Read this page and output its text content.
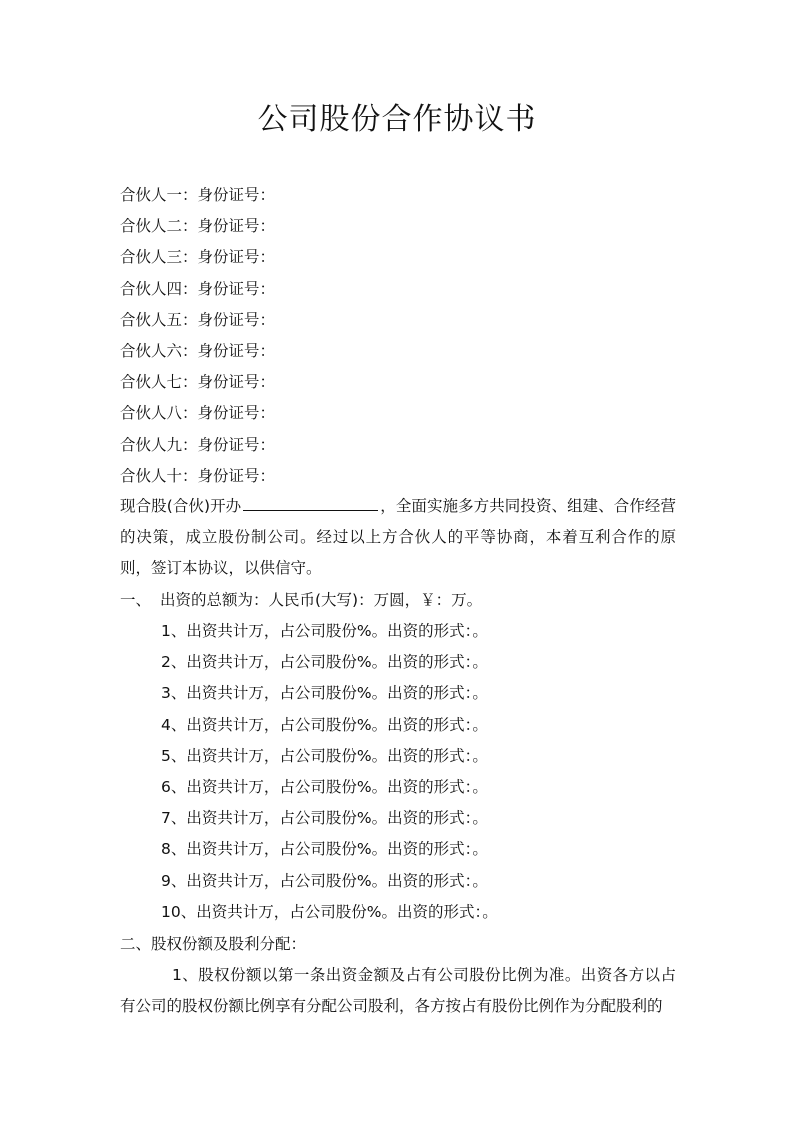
公司股份合作协议书
合伙人一：身份证号：
合伙人二：身份证号：
合伙人三：身份证号：
合伙人四：身份证号：
合伙人五：身份证号：
合伙人六：身份证号：
合伙人七：身份证号：
合伙人八：身份证号：
合伙人九：身份证号：
合伙人十：身份证号：
现合股(合伙)开办	，全面实施多方共同投资、组建、合作经营的决策，成立股份制公司。经过以上方合伙人的平等协商，本着互利合作的原则，签订本协议，以供信守。
一、 出资的总额为：人民币(大写)：万圆，￥：万。
1、出资共计万，占公司股份%。出资的形式：。
2、出资共计万，占公司股份%。出资的形式：。
3、出资共计万，占公司股份%。出资的形式：。
4、出资共计万，占公司股份%。出资的形式：。
5、出资共计万，占公司股份%。出资的形式：。
6、出资共计万，占公司股份%。出资的形式：。
7、出资共计万，占公司股份%。出资的形式：。
8、出资共计万，占公司股份%。出资的形式：。
9、出资共计万，占公司股份%。出资的形式：。
10、出资共计万，占公司股份%。出资的形式：。
二、股权份额及股利分配：
1、股权份额以第一条出资金额及占有公司股份比例为准。出资各方以占有公司的股权份额比例享有分配公司股利，各方按占有股份比例作为分配股利的
